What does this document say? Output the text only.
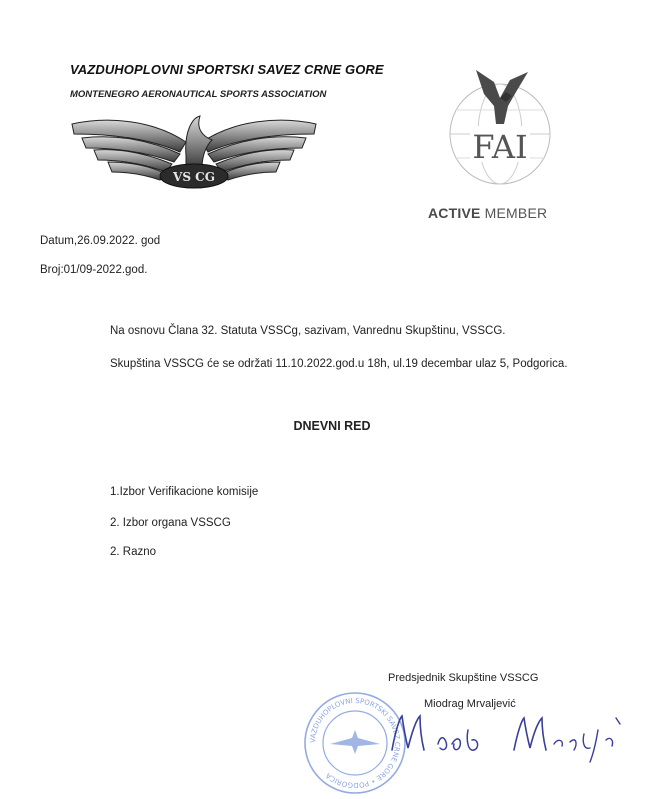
VAZDUHOPLOVNI SPORTSKI SAVEZ CRNE GORE
MONTENEGRO AERONAUTICAL SPORTS ASSOCIATION
VS CG
FAI
ACTIVE MEMBER
Datum,26.09.2022. god
Broj:01/09-2022.god.
Na osnovu Člana 32. Statuta VSSCg, sazivam, Vanrednu Skupštinu, VSSCG.
Skupština VSSCG će se održati 11.10.2022.god.u 18h, ul.19 decembar ulaz 5, Podgorica.
DNEVNI RED
1.Izbor Verifikacione komisije
2. Izbor organa VSSCG
2. Razno
VAZDUHOPLOVNI SPORTSKI SAVEZ CRNE GORE • PODGORICA
Predsjednik Skupštine VSSCG
Miodrag Mrvaljević
